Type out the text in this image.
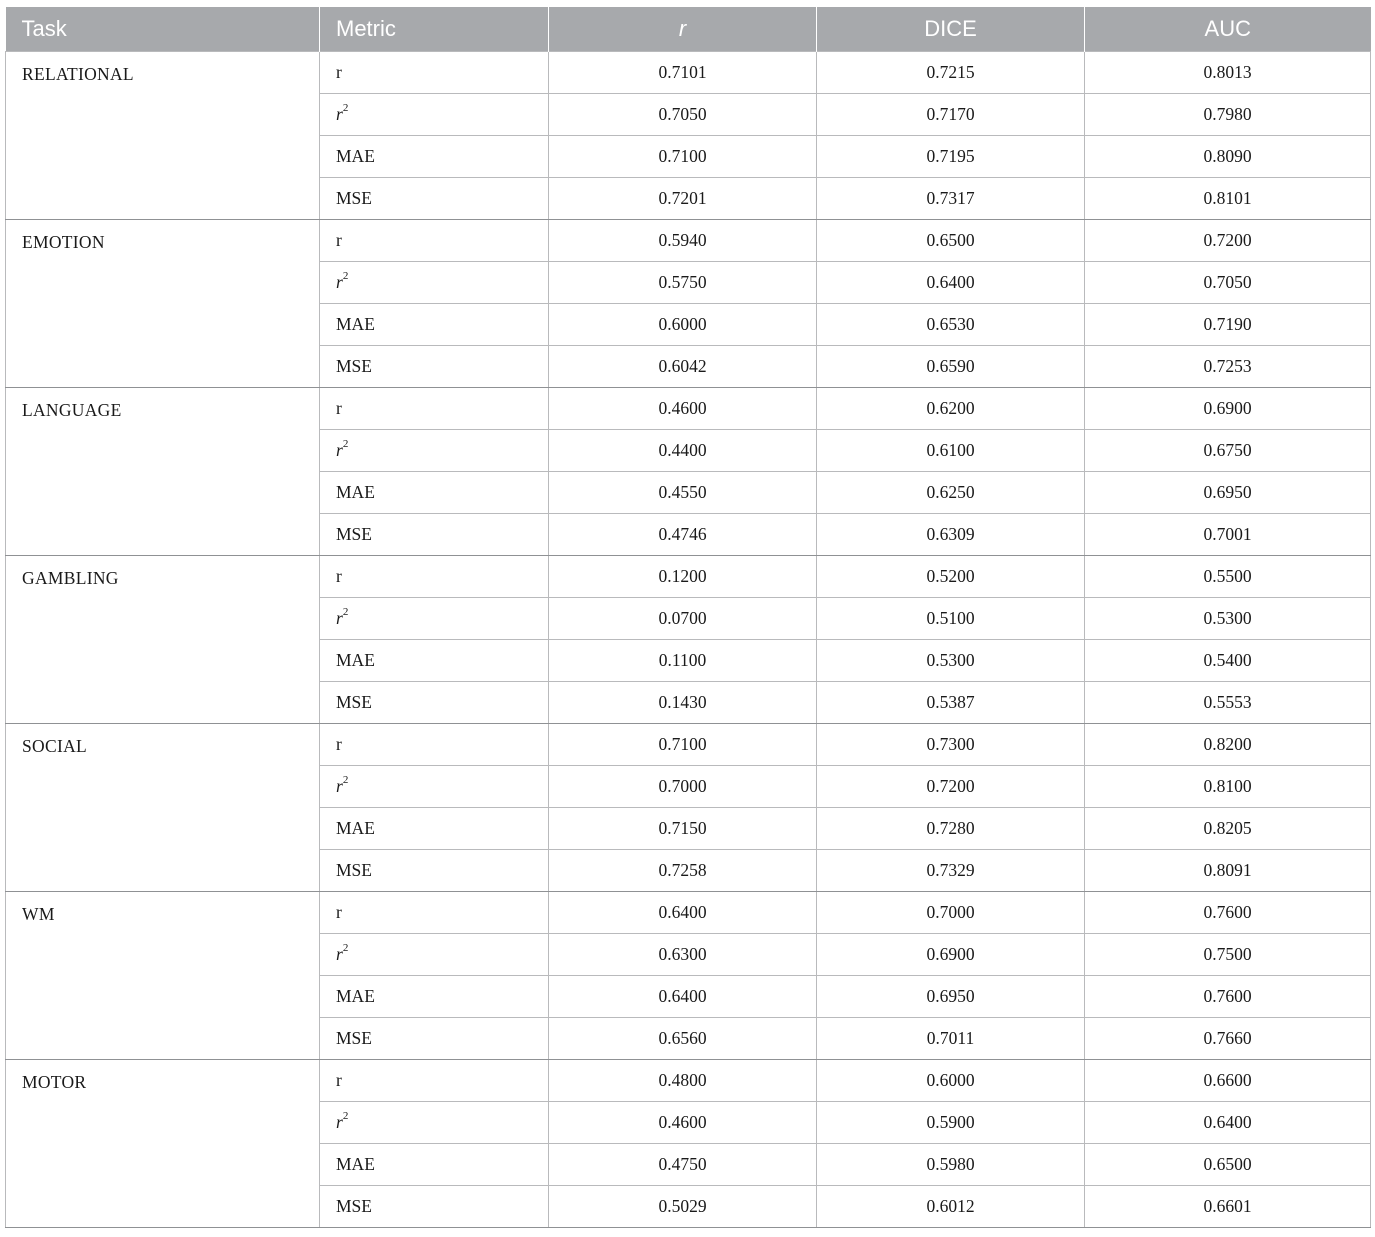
Task	Metric	r	DICE	AUC
RELATIONAL	r	0.7101	0.7215	0.8013
	$r^2$	0.7050	0.7170	0.7980
	MAE	0.7100	0.7195	0.8090
	MSE	0.7201	0.7317	0.8101
EMOTION	r	0.5940	0.6500	0.7200
	$r^2$	0.5750	0.6400	0.7050
	MAE	0.6000	0.6530	0.7190
	MSE	0.6042	0.6590	0.7253
LANGUAGE	r	0.4600	0.6200	0.6900
	$r^2$	0.4400	0.6100	0.6750
	MAE	0.4550	0.6250	0.6950
	MSE	0.4746	0.6309	0.7001
GAMBLING	r	0.1200	0.5200	0.5500
	$r^2$	0.0700	0.5100	0.5300
	MAE	0.1100	0.5300	0.5400
	MSE	0.1430	0.5387	0.5553
SOCIAL	r	0.7100	0.7300	0.8200
	$r^2$	0.7000	0.7200	0.8100
	MAE	0.7150	0.7280	0.8205
	MSE	0.7258	0.7329	0.8091
WM	r	0.6400	0.7000	0.7600
	$r^2$	0.6300	0.6900	0.7500
	MAE	0.6400	0.6950	0.7600
	MSE	0.6560	0.7011	0.7660
MOTOR	r	0.4800	0.6000	0.6600
	$r^2$	0.4600	0.5900	0.6400
	MAE	0.4750	0.5980	0.6500
	MSE	0.5029	0.6012	0.6601
